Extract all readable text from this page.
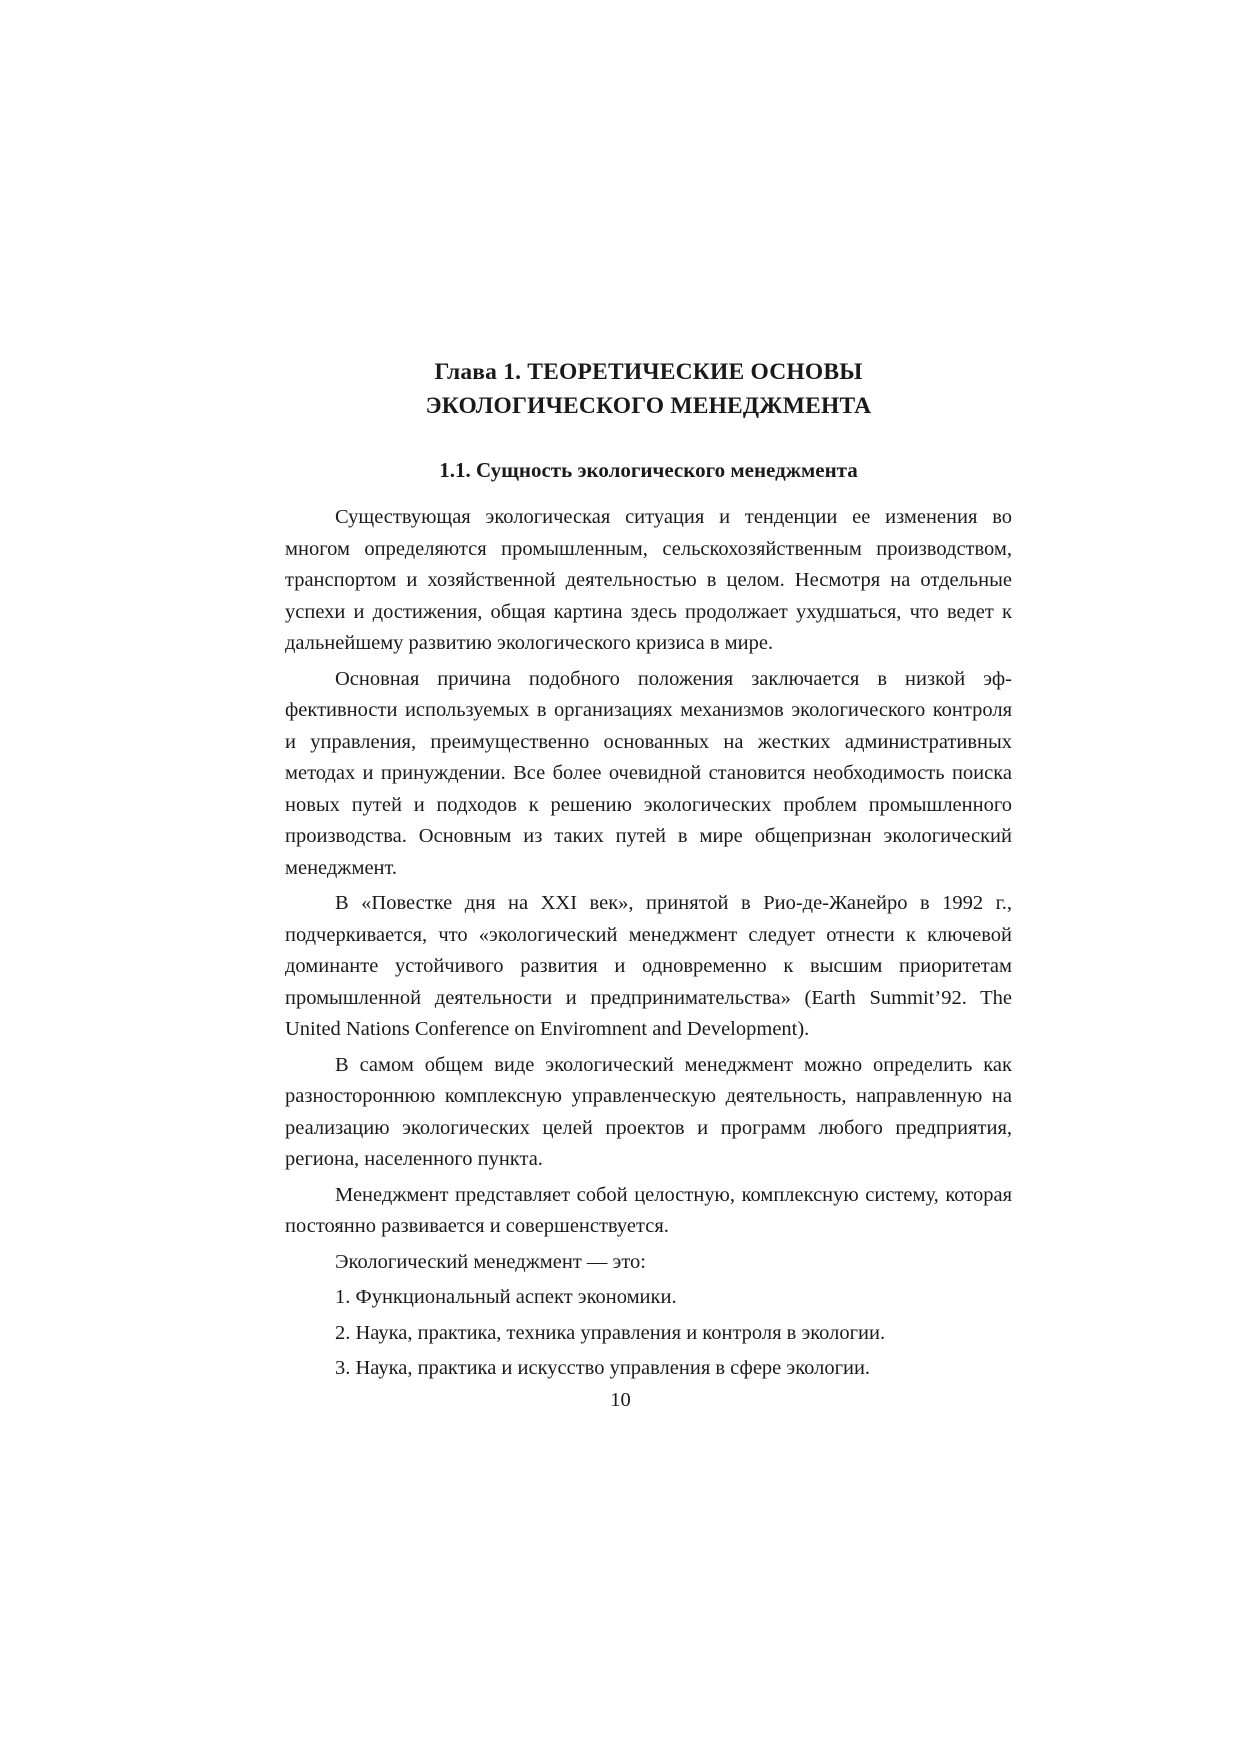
Глава 1. ТЕОРЕТИЧЕСКИЕ ОСНОВЫ
ЭКОЛОГИЧЕСКОГО МЕНЕДЖМЕНТА
1.1. Сущность экологического менеджмента

Существующая экологическая ситуация и тенденции ее изменения во многом определяются промышленным, сельскохозяйственным производством, транспортом и хозяйственной деятельностью в целом. Несмотря на отдельные успехи и достижения, общая картина здесь продолжает ухудшаться, что ведет к дальнейшему развитию экологического кризиса в мире.

Основная причина подобного положения заключается в низкой эффективности используемых в организациях механизмов экологического контроля и управления, преимущественно основанных на жестких административных методах и принуждении. Все более очевидной становится необходимость поиска новых путей и подходов к решению экологических проблем промышленного производства. Основным из таких путей в мире общепризнан экологический менеджмент.

В «Повестке дня на XXI век», принятой в Рио-де-Жанейро в 1992 г., подчеркивается, что «экологический менеджмент следует отнести к ключевой доминанте устойчивого развития и одновременно к высшим приоритетам промышленной деятельности и предпринимательства» (Earth Summit’92. The United Nations Conference on Enviromnent and Development).

В самом общем виде экологический менеджмент можно определить как разностороннюю комплексную управленческую деятельность, направленную на реализацию экологических целей проектов и программ любого предприятия, региона, населенного пункта.

Менеджмент представляет собой целостную, комплексную систему, которая постоянно развивается и совершенствуется.

Экологический менеджмент — это:

1. Функциональный аспект экономики.

2. Наука, практика, техника управления и контроля в экологии.

3. Наука, практика и искусство управления в сфере экологии.

10
